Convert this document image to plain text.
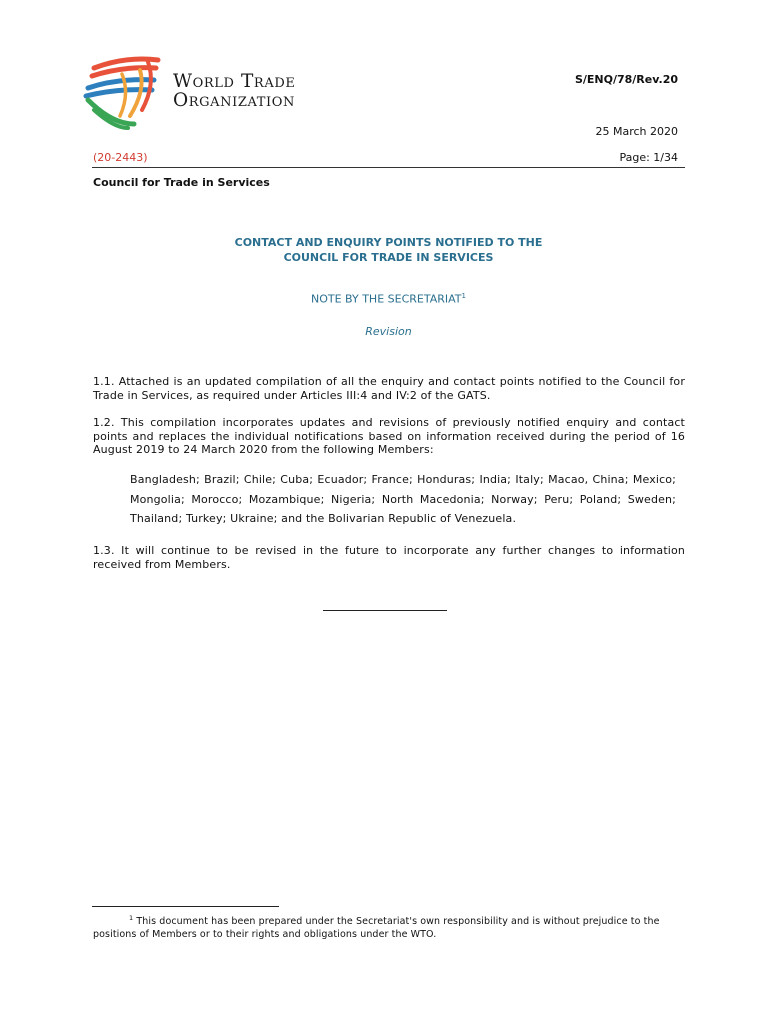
World Trade
Organization
S/ENQ/78/Rev.20
25 March 2020
(20-2443)	Page: 1/34
Council for Trade in Services
CONTACT AND ENQUIRY POINTS NOTIFIED TO THE
COUNCIL FOR TRADE IN SERVICES
NOTE BY THE SECRETARIAT$^1$
Revision
1.1. Attached is an updated compilation of all the enquiry and contact points notified to the Council for Trade in Services, as required under Articles III:4 and IV:2 of the GATS.
1.2. This compilation incorporates updates and revisions of previously notified enquiry and contact points and replaces the individual notifications based on information received during the period of 16 August 2019 to 24 March 2020 from the following Members:
Bangladesh; Brazil; Chile; Cuba; Ecuador; France; Honduras; India; Italy; Macao, China; Mexico; Mongolia; Morocco; Mozambique; Nigeria; North Macedonia; Norway; Peru; Poland; Sweden; Thailand; Turkey; Ukraine; and the Bolivarian Republic of Venezuela.
1.3. It will continue to be revised in the future to incorporate any further changes to information received from Members.
$^1$ This document has been prepared under the Secretariat's own responsibility and is without prejudice to the positions of Members or to their rights and obligations under the WTO.
